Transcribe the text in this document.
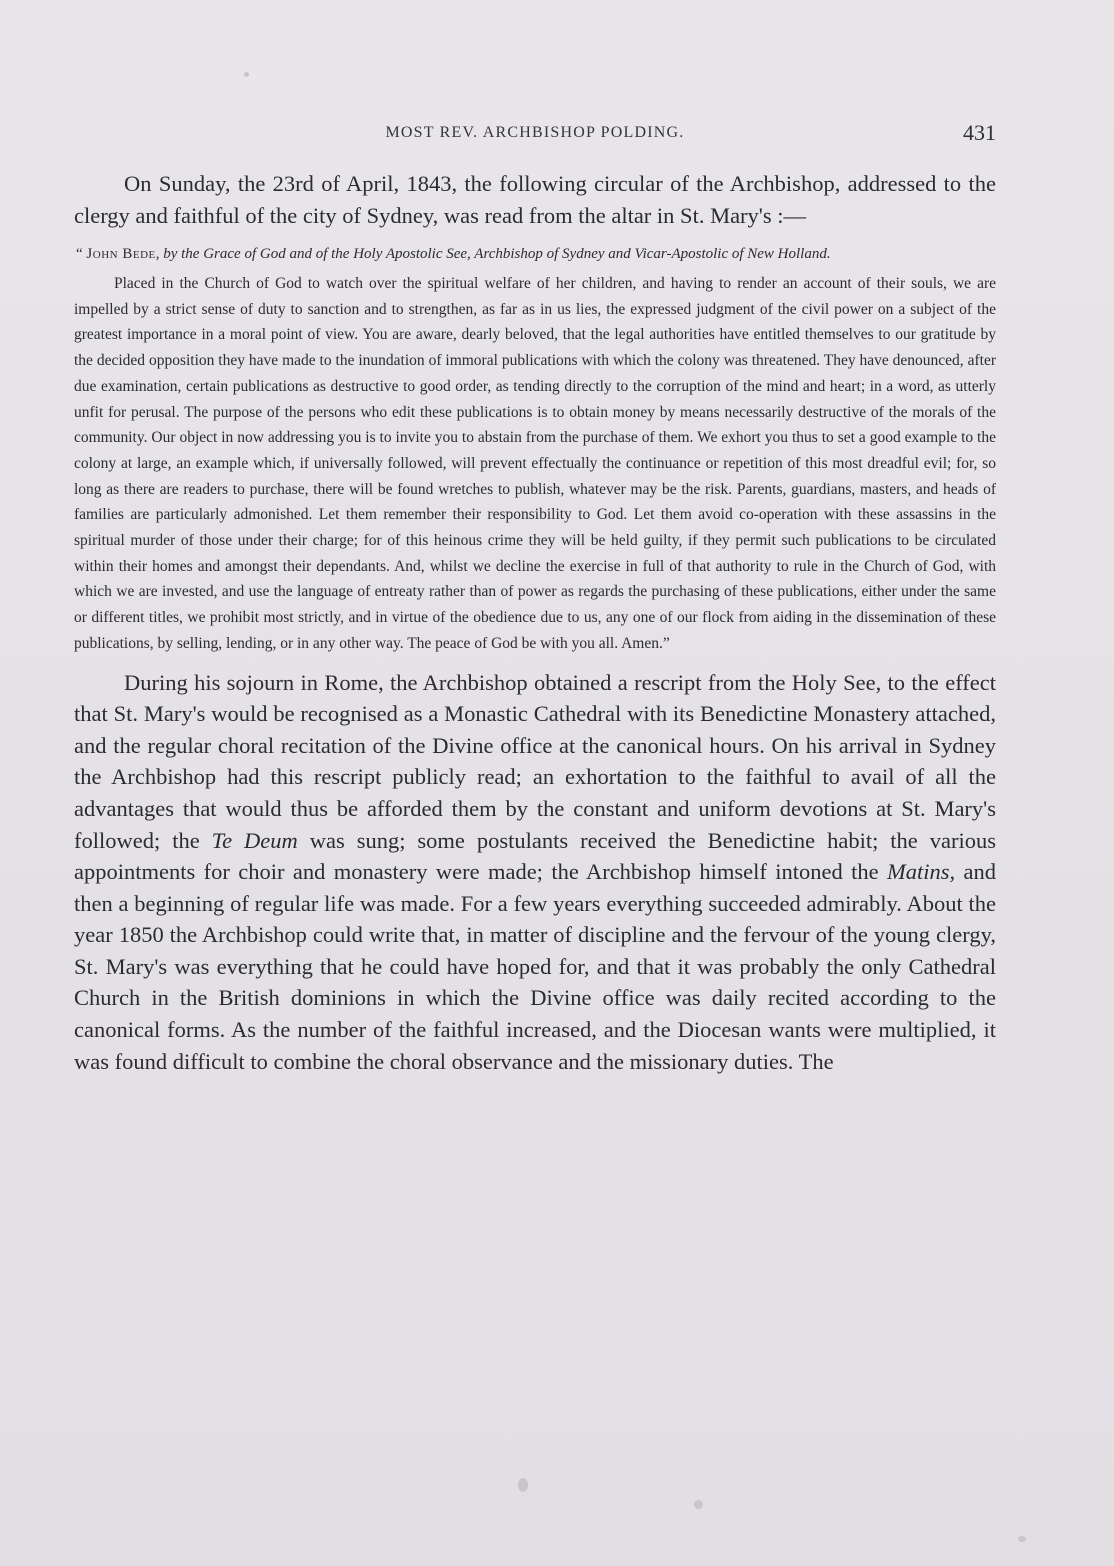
MOST REV. ARCHBISHOP POLDING.	431

On Sunday, the 23rd of April, 1843, the following circular of the Archbishop, addressed to the clergy and faithful of the city of Sydney, was read from the altar in St. Mary's :—

“ John Bede, by the Grace of God and of the Holy Apostolic See, Archbishop of Sydney and Vicar-Apostolic of New Holland.

Placed in the Church of God to watch over the spiritual welfare of her children, and having to render an account of their souls, we are impelled by a strict sense of duty to sanction and to strengthen, as far as in us lies, the expressed judgment of the civil power on a subject of the greatest importance in a moral point of view. You are aware, dearly beloved, that the legal authorities have entitled themselves to our gratitude by the decided opposition they have made to the inundation of immoral publications with which the colony was threatened. They have denounced, after due examination, certain publications as destructive to good order, as tending directly to the corruption of the mind and heart; in a word, as utterly unfit for perusal. The purpose of the persons who edit these publications is to obtain money by means necessarily destructive of the morals of the community. Our object in now addressing you is to invite you to abstain from the purchase of them. We exhort you thus to set a good example to the colony at large, an example which, if universally followed, will prevent effectually the continuance or repetition of this most dreadful evil; for, so long as there are readers to purchase, there will be found wretches to publish, whatever may be the risk. Parents, guardians, masters, and heads of families are particularly admonished. Let them remember their responsibility to God. Let them avoid co-operation with these assassins in the spiritual murder of those under their charge; for of this heinous crime they will be held guilty, if they permit such publications to be circulated within their homes and amongst their dependants. And, whilst we decline the exercise in full of that authority to rule in the Church of God, with which we are invested, and use the language of entreaty rather than of power as regards the purchasing of these publications, either under the same or different titles, we prohibit most strictly, and in virtue of the obedience due to us, any one of our flock from aiding in the dissemination of these publications, by selling, lending, or in any other way. The peace of God be with you all. Amen.”

During his sojourn in Rome, the Archbishop obtained a rescript from the Holy See, to the effect that St. Mary's would be recognised as a Monastic Cathedral with its Benedictine Monastery attached, and the regular choral recitation of the Divine office at the canonical hours. On his arrival in Sydney the Archbishop had this rescript publicly read; an exhortation to the faithful to avail of all the advantages that would thus be afforded them by the constant and uniform devotions at St. Mary's followed; the Te Deum was sung; some postulants received the Benedictine habit; the various appointments for choir and monastery were made; the Archbishop himself intoned the Matins, and then a beginning of regular life was made. For a few years everything succeeded admirably. About the year 1850 the Archbishop could write that, in matter of discipline and the fervour of the young clergy, St. Mary's was everything that he could have hoped for, and that it was probably the only Cathedral Church in the British dominions in which the Divine office was daily recited according to the canonical forms. As the number of the faithful increased, and the Diocesan wants were multiplied, it was found difficult to combine the choral observance and the missionary duties. The
